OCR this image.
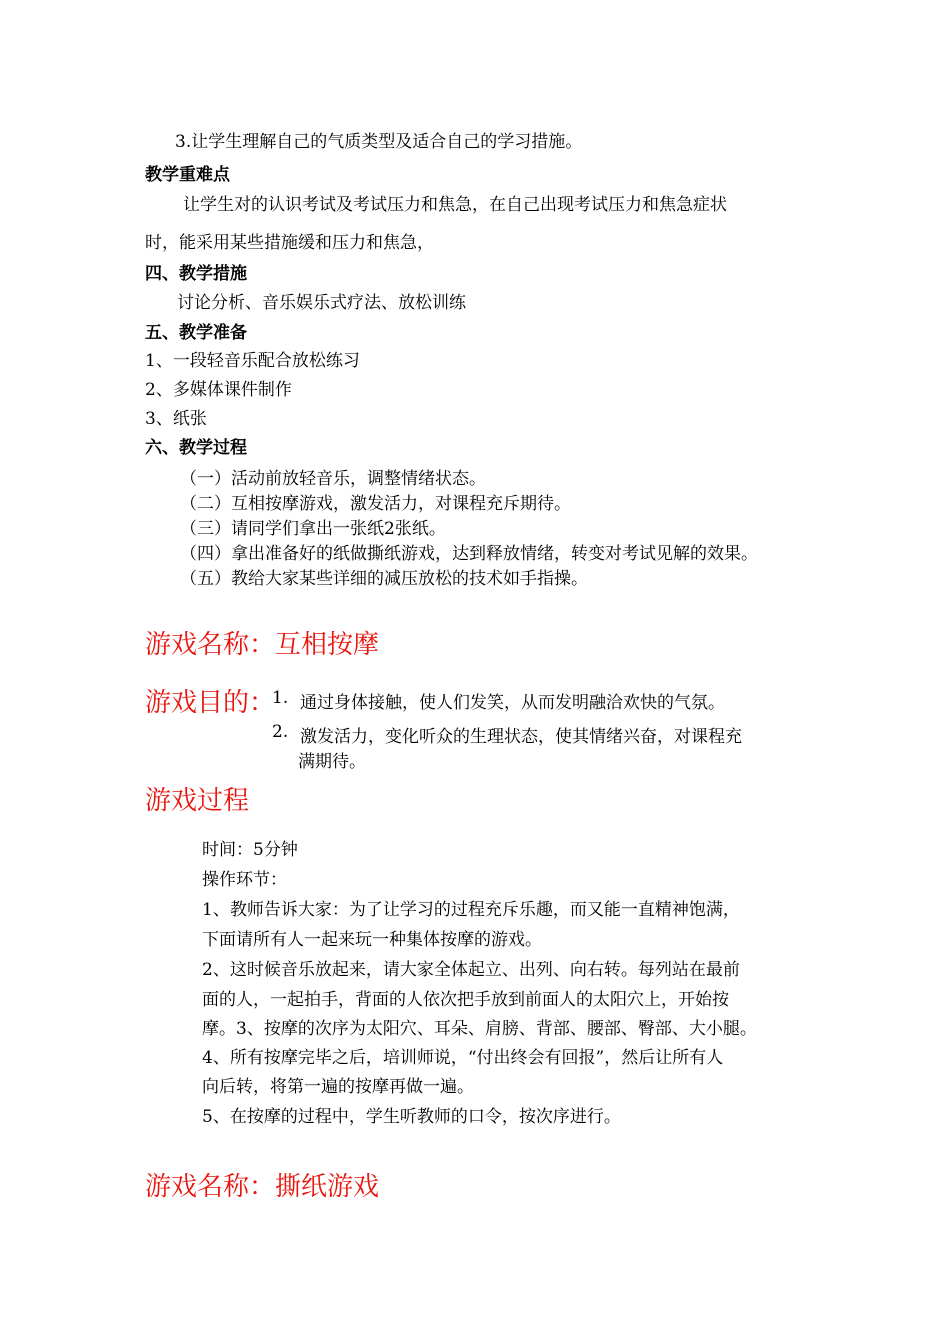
3.让学生理解自己的气质类型及适合自己的学习措施。
教学重难点
让学生对的认识考试及考试压力和焦急，在自己出现考试压力和焦急症状
时，能采用某些措施缓和压力和焦急，
四、教学措施
讨论分析、音乐娱乐式疗法、放松训练
五、教学准备
1、一段轻音乐配合放松练习
2、多媒体课件制作
3、纸张
六、教学过程
（一）活动前放轻音乐，调整情绪状态。
（二）互相按摩游戏，激发活力，对课程充斥期待。
（三）请同学们拿出一张纸2张纸。
（四）拿出准备好的纸做撕纸游戏，达到释放情绪，转变对考试见解的效果。
（五）教给大家某些详细的减压放松的技术如手指操。
游戏名称：互相按摩
游戏目的：
1. 通过身体接触，使人们发笑，从而发明融洽欢快的气氛。
2. 激发活力，变化听众的生理状态，使其情绪兴奋，对课程充
满期待。
游戏过程
时间：5分钟
操作环节：
1、教师告诉大家：为了让学习的过程充斥乐趣，而又能一直精神饱满，
下面请所有人一起来玩一种集体按摩的游戏。
2、这时候音乐放起来，请大家全体起立、出列、向右转。每列站在最前
面的人，一起拍手，背面的人依次把手放到前面人的太阳穴上，开始按
摩。3、按摩的次序为太阳穴、耳朵、肩膀、背部、腰部、臀部、大小腿。
4、所有按摩完毕之后，培训师说，“付出终会有回报”，然后让所有人
向后转，将第一遍的按摩再做一遍。
5、在按摩的过程中，学生听教师的口令，按次序进行。
游戏名称：撕纸游戏
